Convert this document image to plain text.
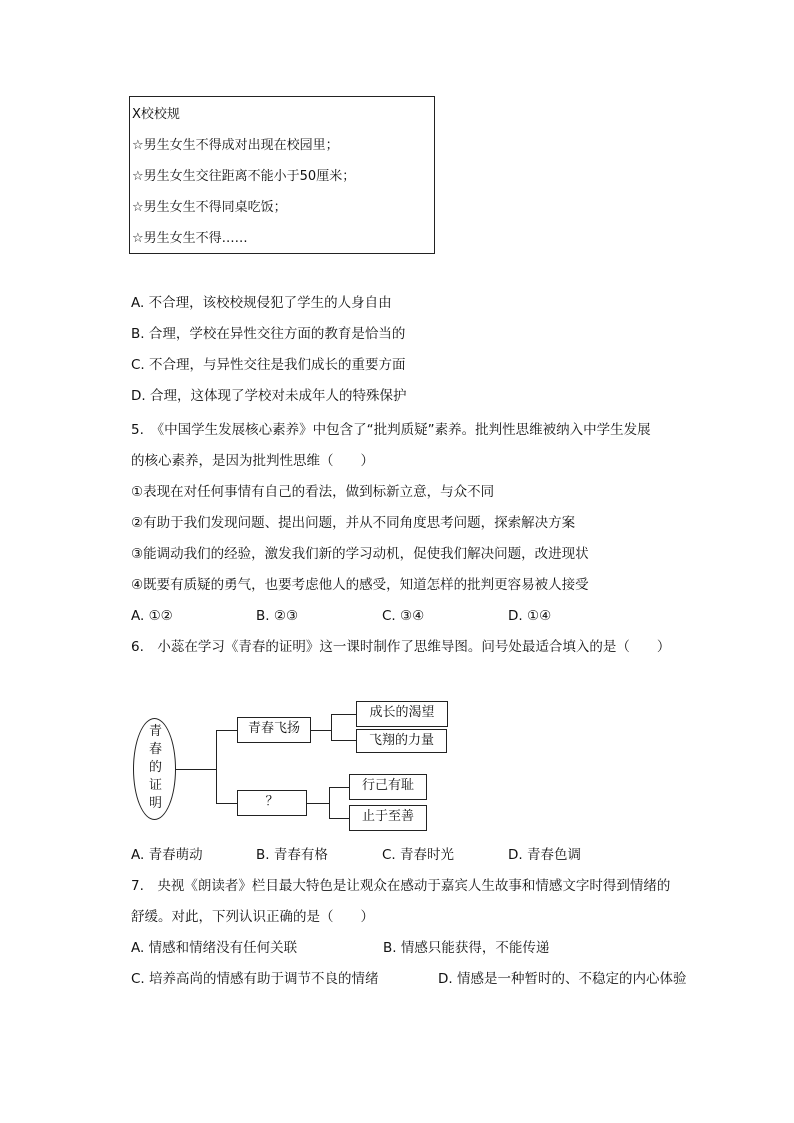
X校校规
☆男生女生不得成对出现在校园里；
☆男生女生交往距离不能小于50厘米；
☆男生女生不得同桌吃饭；
☆男生女生不得……
A. 不合理，该校校规侵犯了学生的人身自由
B. 合理，学校在异性交往方面的教育是恰当的
C. 不合理，与异性交往是我们成长的重要方面
D. 合理，这体现了学校对未成年人的特殊保护
5.　《中国学生发展核心素养》中包含了“批判质疑”素养。批判性思维被纳入中学生发展
的核心素养，是因为批判性思维（　　）
①表现在对任何事情有自己的看法，做到标新立意，与众不同
②有助于我们发现问题、提出问题，并从不同角度思考问题，探索解决方案
③能调动我们的经验，激发我们新的学习动机，促使我们解决问题，改进现状
④既要有质疑的勇气，也要考虑他人的感受，知道怎样的批判更容易被人接受
A. ①②	B. ②③	C. ③④	D. ①④
6.　小蕊在学习《青春的证明》这一课时制作了思维导图。问号处最适合填入的是（　　）
青
春
的
证
明
青春飞扬
？
成长的渴望
飞翔的力量
行己有耻
止于至善
A. 青春萌动	B. 青春有格	C. 青春时光	D. 青春色调
7.　央视《朗读者》栏目最大特色是让观众在感动于嘉宾人生故事和情感文字时得到情绪的
舒缓。对此，下列认识正确的是（　　）
A. 情感和情绪没有任何关联	B. 情感只能获得，不能传递
C. 培养高尚的情感有助于调节不良的情绪	D. 情感是一种暂时的、不稳定的内心体验
